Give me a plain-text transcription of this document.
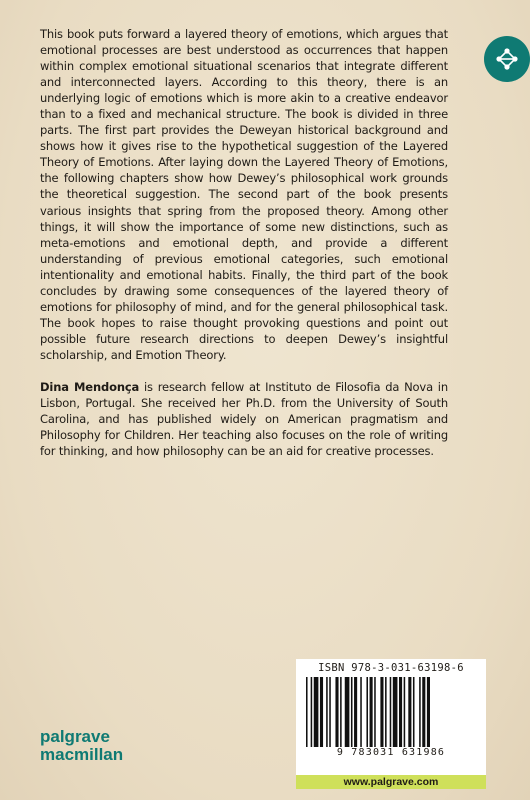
This book puts forward a layered theory of emotions, which argues that emotional processes are best understood as occurrences that happen within complex emotional situational scenarios that integrate different and interconnected layers. According to this theory, there is an underlying logic of emotions which is more akin to a creative endeavor than to a fixed and mechanical structure. The book is divided in three parts. The first part provides the Deweyan historical background and shows how it gives rise to the hypothetical suggestion of the Layered Theory of Emotions. After laying down the Layered Theory of Emotions, the following chapters show how Dewey’s philosophical work grounds the theoretical suggestion. The second part of the book presents various insights that spring from the proposed theory. Among other things, it will show the importance of some new distinctions, such as meta-emotions and emotional depth, and provide a different understanding of previous emotional categories, such emotional intentionality and emotional habits. Finally, the third part of the book concludes by drawing some consequences of the layered theory of emotions for philosophy of mind, and for the general philosophical task. The book hopes to raise thought provoking questions and point out possible future research directions to deepen Dewey’s insightful scholarship, and Emotion Theory.

Dina Mendonça is research fellow at Instituto de Filosofia da Nova in Lisbon, Portugal. She received her Ph.D. from the University of South Carolina, and has published widely on American pragmatism and Philosophy for Children. Her teaching also focuses on the role of writing for thinking, and how philosophy can be an aid for creative processes.

ISBN 978-3-031-63198-6
9 783031 631986
www.palgrave.com
palgrave
macmillan
